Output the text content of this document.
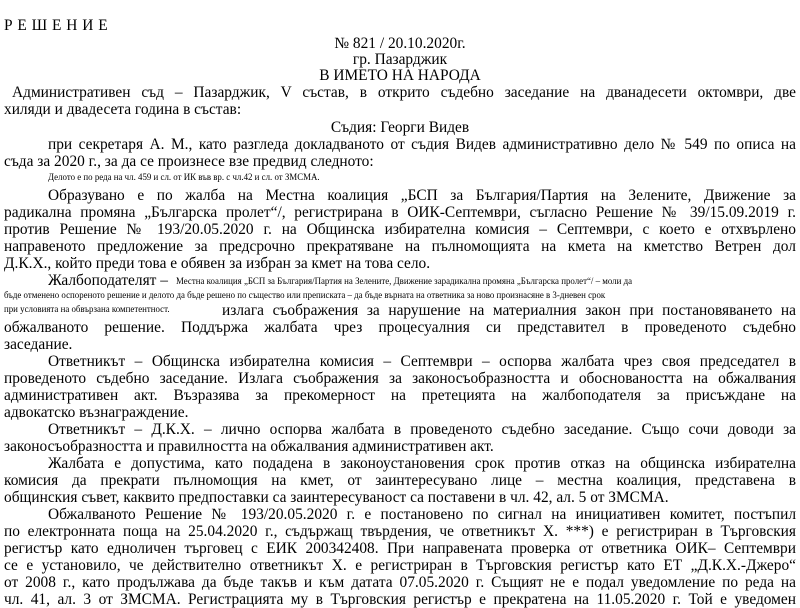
Р Е Ш Е Н И Е
№ 821 / 20.10.2020г.
гр. Пазарджик
В ИМЕТО НА НАРОДА
Административен съд – Пазарджик, V състав, в открито съдебно заседание на дванадесети октомври, две
хиляди и двадесета година в състав:
Съдия: Георги Видев
при секретаря А. М., като разгледа докладваното от съдия Видев административно дело № 549 по описа на
съда за 2020 г., за да се произнесе взе предвид следното:
Делото е по реда на чл. 459 и сл. от ИК във вр. с чл.42 и сл. от ЗМСМА.
Образувано е по жалба на Местна коалиция „БСП за България/Партия на Зелените, Движение за
радикална промяна „Българска пролет“/, регистрирана в ОИК-Септември, съгласно Решение № 39/15.09.2019 г.
против Решение № 193/20.05.2020 г. на Общинска избирателна комисия – Септември, с което е отхвърлено
направеното предложение за предсрочно прекратяване на пълномощията на кмета на кметство Ветрен дол
Д.К.Х., който преди това е обявен за избран за кмет на това село.
Жалбоподателят – Местна коалиция „БСП за България/Партия на Зелените, Движение зарадикална промяна „Българска пролет“/ – моли да
бъде отменено оспореното решение и делото да бъде решено по същество или преписката – да бъде върната на ответника за ново произнасяне в 3-дневен срок
при условията на обвързана компетентност.	излага съображения за нарушение на материалния закон при постановяването на
обжалваното решение. Поддържа жалбата чрез процесуалния си представител в проведеното съдебно
заседание.
Ответникът – Общинска избирателна комисия – Септември – оспорва жалбата чрез своя председател в
проведеното съдебно заседание. Излага съображения за законосъобразността и обосноваността на обжалвания
административен акт. Възразява за прекомерност на претецията на жалбоподателя за присъждане на
адвокатско възнаграждение.
Ответникът – Д.К.Х. – лично оспорва жалбата в проведеното съдебно заседание. Също сочи доводи за
законосъобразността и правилността на обжалвания административен акт.
Жалбата е допустима, като подадена в законоустановения срок против отказ на общинска избирателна
комисия да прекрати пълномощия на кмет, от заинтересувано лице – местна коалиция, представена в
общинския съвет, каквито предпоставки са заинтересуваност са поставени в чл. 42, ал. 5 от ЗМСМА.
Обжалваното Решение № 193/20.05.2020 г. е постановено по сигнал на инициативен комитет, постъпил
по електронната поща на 25.04.2020 г., съдържащ твърдения, че ответникът Х. ***) е регистриран в Търговския
регистър като едноличен търговец с ЕИК 200342408. При направената проверка от ответника ОИК– Септември
се е установило, че действително ответникът Х. е регистриран в Търговския регистър като ЕТ „Д.К.Х.-Джеро“
от 2008 г., като продължава да бъде такъв и към датата 07.05.2020 г. Същият не е подал уведомление по реда на
чл. 41, ал. 3 от ЗМСМА. Регистрацията му в Търговския регистър е прекратена на 11.05.2020 г. Той е уведомен
